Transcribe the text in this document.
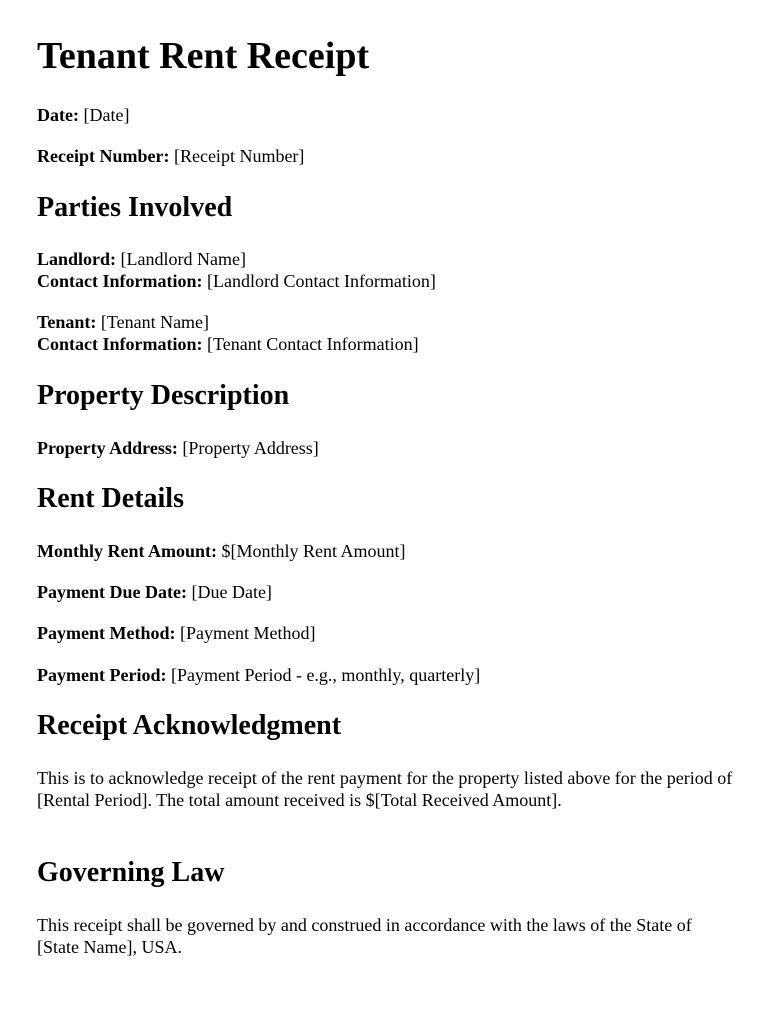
Tenant Rent Receipt

Date: [Date]

Receipt Number: [Receipt Number]

Parties Involved

Landlord: [Landlord Name]

Contact Information: [Landlord Contact Information]

Tenant: [Tenant Name]

Contact Information: [Tenant Contact Information]

Property Description

Property Address: [Property Address]

Rent Details

Monthly Rent Amount: $[Monthly Rent Amount]

Payment Due Date: [Due Date]

Payment Method: [Payment Method]

Payment Period: [Payment Period - e.g., monthly, quarterly]

Receipt Acknowledgment

This is to acknowledge receipt of the rent payment for the property listed above for the period of [Rental Period]. The total amount received is $[Total Received Amount].

Governing Law

This receipt shall be governed by and construed in accordance with the laws of the State of [State Name], USA.
